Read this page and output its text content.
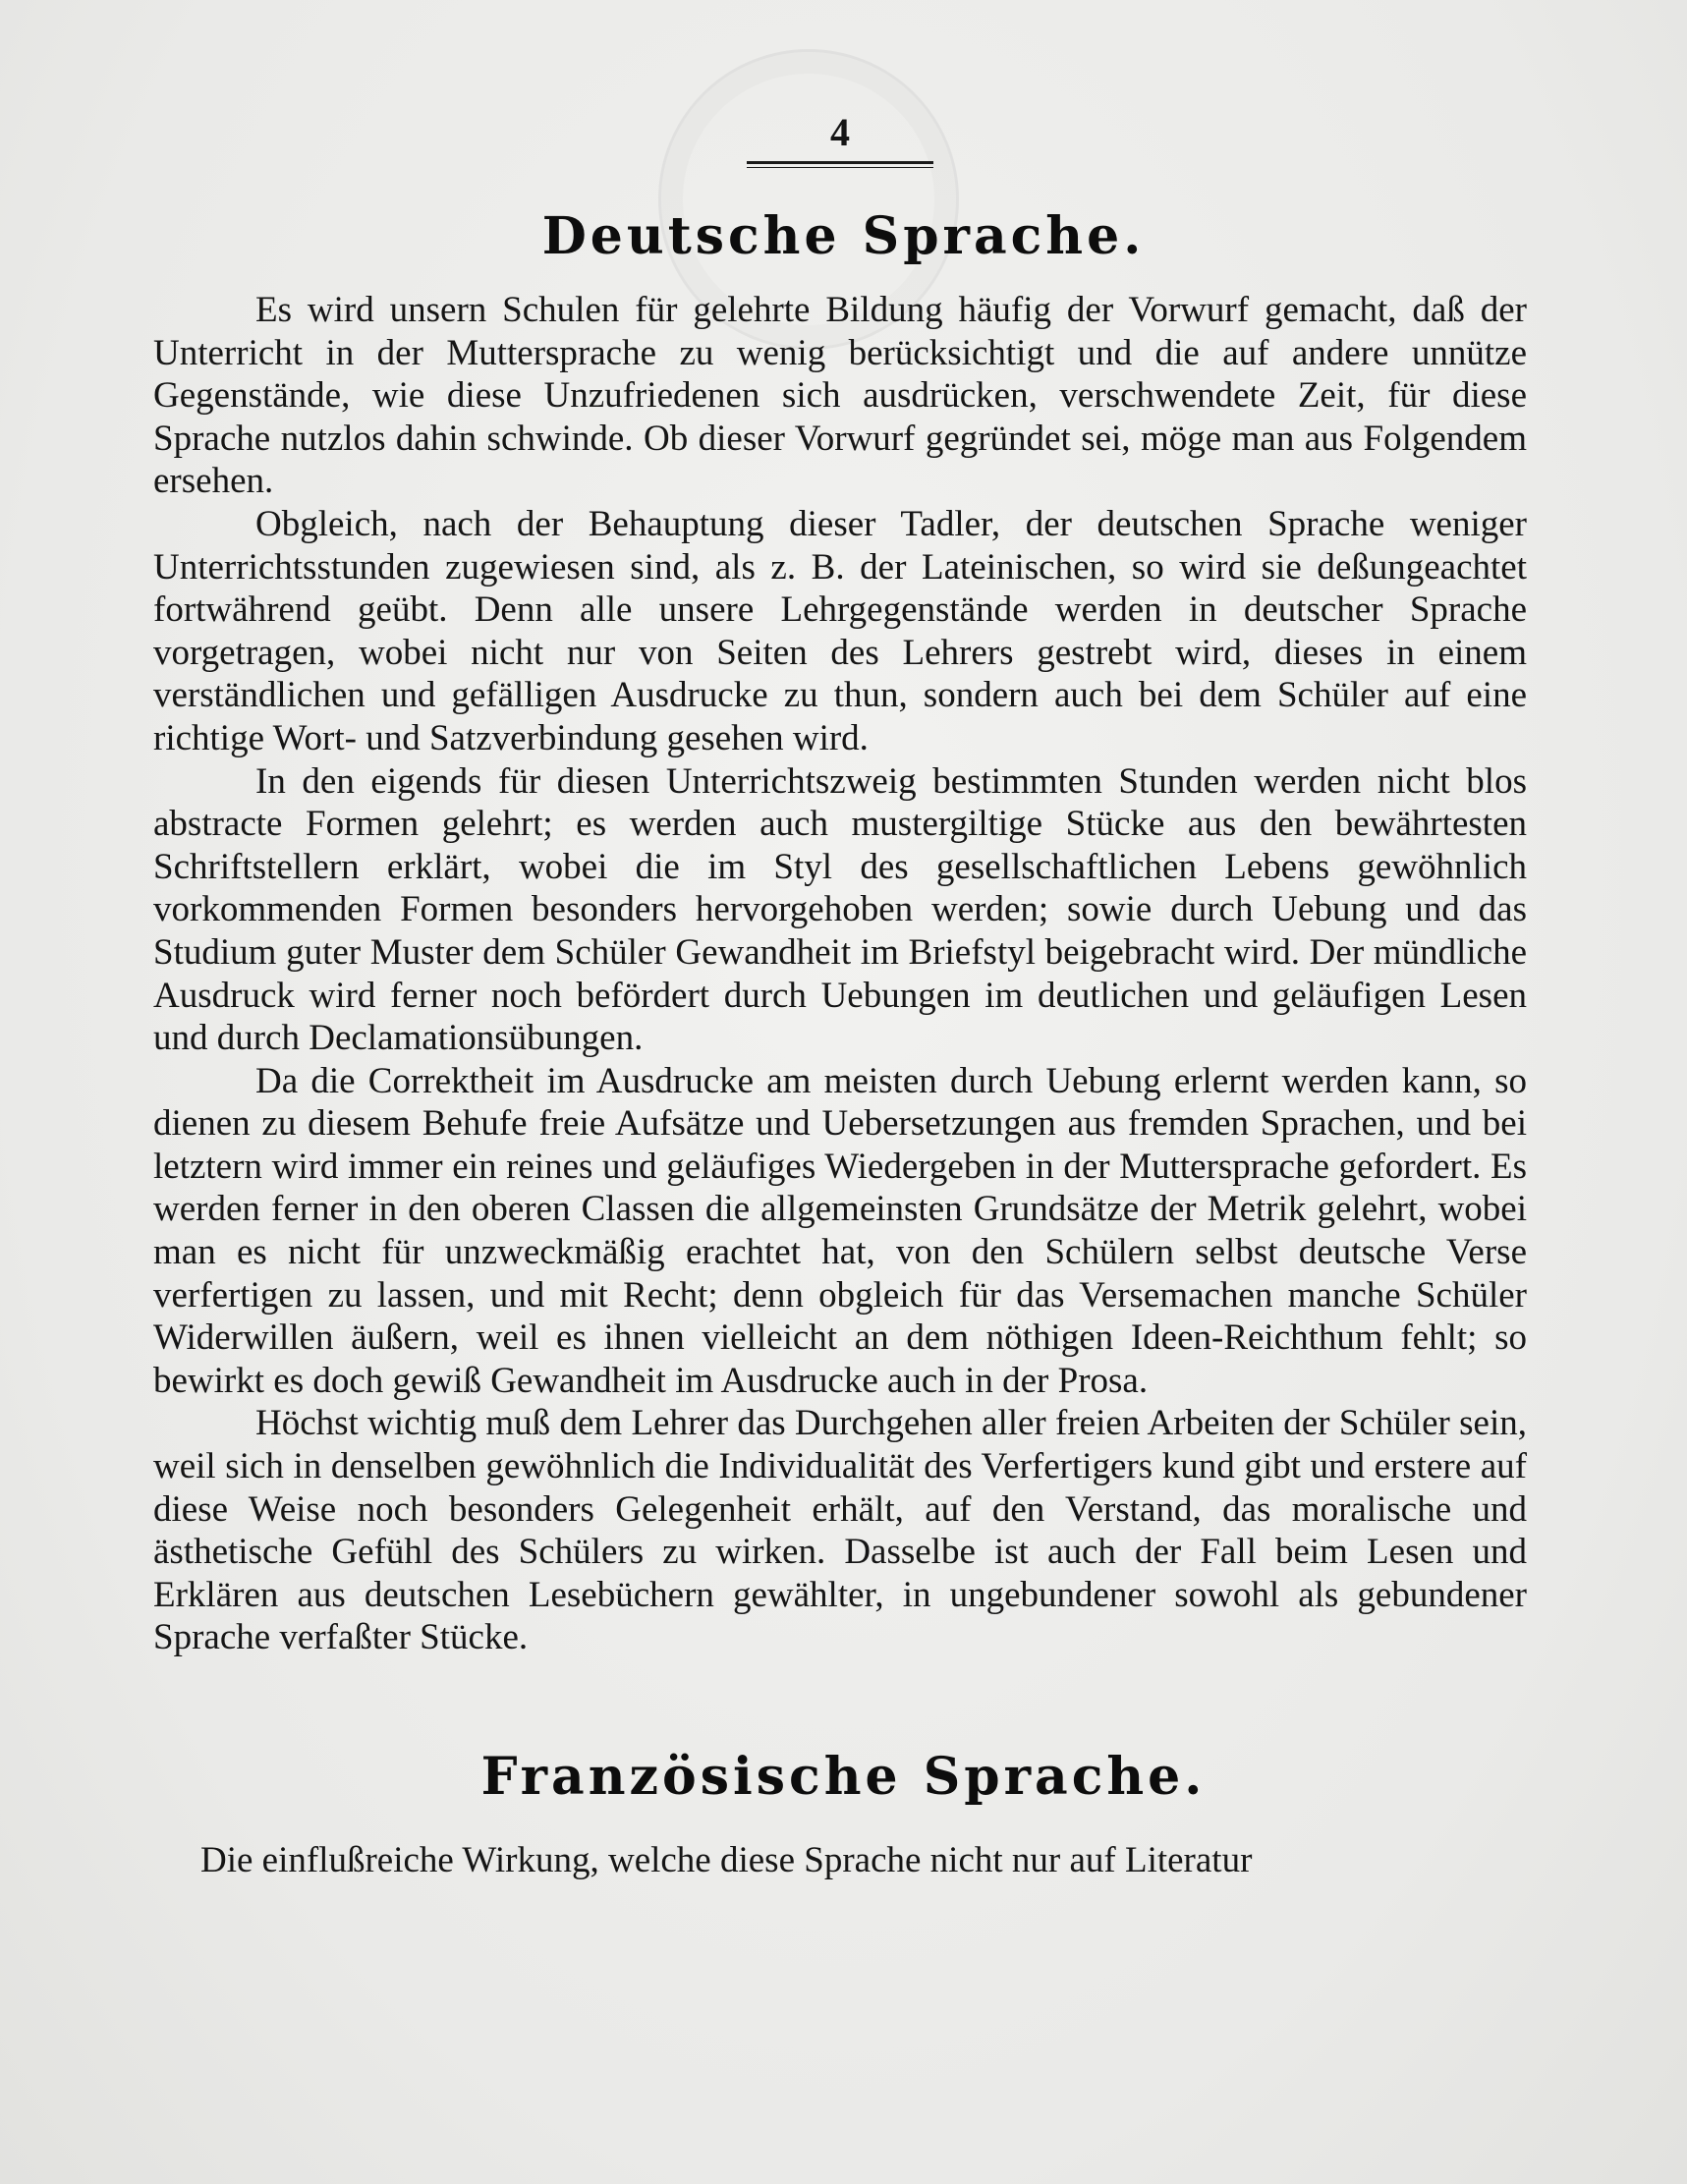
4
Deutsche Sprache.

Es wird unsern Schulen für gelehrte Bildung häufig der Vorwurf gemacht, daß der Unterricht in der Muttersprache zu wenig berücksichtigt und die auf andere unnütze Gegenstände, wie diese Unzufriedenen sich ausdrücken, verschwendete Zeit, für diese Sprache nutzlos dahin schwinde. Ob dieser Vorwurf gegründet sei, möge man aus Folgendem ersehen.

Obgleich, nach der Behauptung dieser Tadler, der deutschen Sprache weniger Unterrichtsstunden zugewiesen sind, als z. B. der Lateinischen, so wird sie deßungeachtet fortwährend geübt. Denn alle unsere Lehrgegenstände werden in deutscher Sprache vorgetragen, wobei nicht nur von Seiten des Lehrers gestrebt wird, dieses in einem verständlichen und gefälligen Ausdrucke zu thun, sondern auch bei dem Schüler auf eine richtige Wort- und Satzverbindung gesehen wird.

In den eigends für diesen Unterrichtszweig bestimmten Stunden werden nicht blos abstracte Formen gelehrt; es werden auch mustergiltige Stücke aus den bewährtesten Schriftstellern erklärt, wobei die im Styl des gesellschaftlichen Lebens gewöhnlich vorkommenden Formen besonders hervorgehoben werden; sowie durch Uebung und das Studium guter Muster dem Schüler Gewandheit im Briefstyl beigebracht wird. Der mündliche Ausdruck wird ferner noch befördert durch Uebungen im deutlichen und geläufigen Lesen und durch Declamationsübungen.

Da die Correktheit im Ausdrucke am meisten durch Uebung erlernt werden kann, so dienen zu diesem Behufe freie Aufsätze und Uebersetzungen aus fremden Sprachen, und bei letztern wird immer ein reines und geläufiges Wiedergeben in der Muttersprache gefordert. Es werden ferner in den oberen Classen die allgemeinsten Grundsätze der Metrik gelehrt, wobei man es nicht für unzweckmäßig erachtet hat, von den Schülern selbst deutsche Verse verfertigen zu lassen, und mit Recht; denn obgleich für das Versemachen manche Schüler Widerwillen äußern, weil es ihnen vielleicht an dem nöthigen Ideen-Reichthum fehlt; so bewirkt es doch gewiß Gewandheit im Ausdrucke auch in der Prosa.

Höchst wichtig muß dem Lehrer das Durchgehen aller freien Arbeiten der Schüler sein, weil sich in denselben gewöhnlich die Individualität des Verfertigers kund gibt und erstere auf diese Weise noch besonders Gelegenheit erhält, auf den Verstand, das moralische und ästhetische Gefühl des Schülers zu wirken. Dasselbe ist auch der Fall beim Lesen und Erklären aus deutschen Lesebüchern gewählter, in ungebundener sowohl als gebundener Sprache verfaßter Stücke.

Französische Sprache.

Die einflußreiche Wirkung, welche diese Sprache nicht nur auf Literatur
